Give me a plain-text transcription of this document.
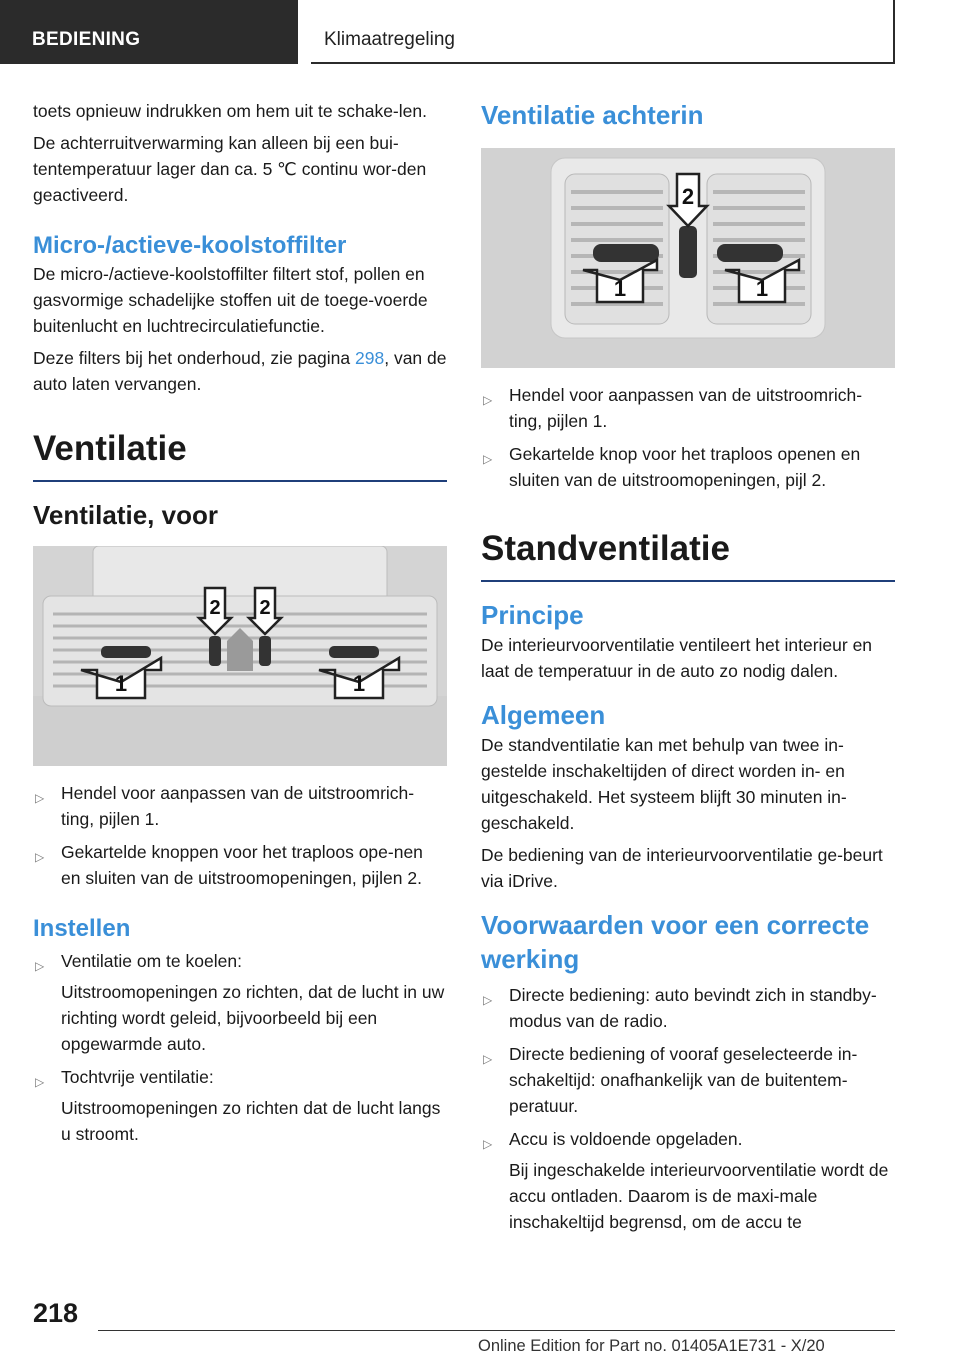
BEDIENING	Klimaatregeling

toets opnieuw indrukken om hem uit te schake-len.

De achterruitverwarming kan alleen bij een bui-tentemperatuur lager dan ca. 5 ℃ continu wor-den geactiveerd.

Micro-/actieve-koolstoffilter

De micro-/actieve-koolstoffilter filtert stof, pollen en gasvormige schadelijke stoffen uit de toege-voerde buitenlucht en luchtrecirculatiefunctie.

Deze filters bij het onderhoud, zie pagina 298, van de auto laten vervangen.

Ventilatie
Ventilatie, voor
1	1
2 2
▷ Hendel voor aanpassen van de uitstroomrich-ting, pijlen 1.
▷ Gekartelde knoppen voor het traploos ope-nen en sluiten van de uitstroomopeningen, pijlen 2.
Instellen
▷ Ventilatie om te koelen:
Uitstroomopeningen zo richten, dat de lucht in uw richting wordt geleid, bijvoorbeeld bij een opgewarmde auto.
▷ Tochtvrije ventilatie:
Uitstroomopeningen zo richten dat de lucht langs u stroomt.
Ventilatie achterin
1	1
2
▷ Hendel voor aanpassen van de uitstroomrich-ting, pijlen 1.
▷ Gekartelde knop voor het traploos openen en sluiten van de uitstroomopeningen, pijl 2.
Standventilatie
Principe

De interieurvoorventilatie ventileert het interieur en laat de temperatuur in de auto zo nodig dalen.

Algemeen

De standventilatie kan met behulp van twee in-gestelde inschakeltijden of direct worden in- en uitgeschakeld. Het systeem blijft 30 minuten in-geschakeld.

De bediening van de interieurvoorventilatie ge-beurt via iDrive.

Voorwaarden voor een correcte werking
▷ Directe bediening: auto bevindt zich in standby-modus van de radio.
▷ Directe bediening of vooraf geselecteerde in-schakeltijd: onafhankelijk van de buitentem-peratuur.
▷ Accu is voldoende opgeladen.
Bij ingeschakelde interieurvoorventilatie wordt de accu ontladen. Daarom is de maxi-male inschakeltijd begrensd, om de accu te
218
Online Edition for Part no. 01405A1E731 - X/20
